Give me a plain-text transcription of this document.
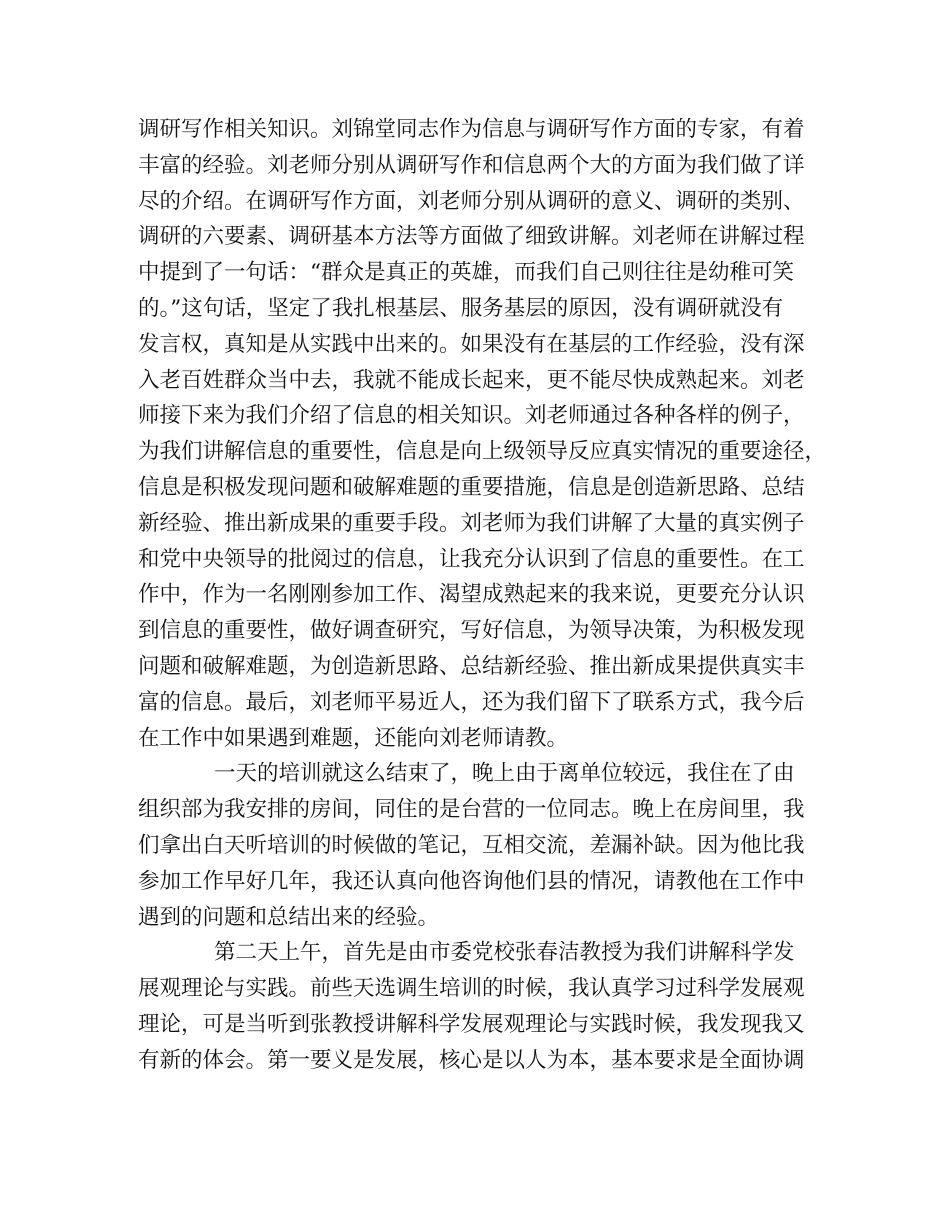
调研写作相关知识。刘锦堂同志作为信息与调研写作方面的专家，有着
丰富的经验。刘老师分别从调研写作和信息两个大的方面为我们做了详
尽的介绍。在调研写作方面，刘老师分别从调研的意义、调研的类别、
调研的六要素、调研基本方法等方面做了细致讲解。刘老师在讲解过程
中提到了一句话：“群众是真正的英雄，而我们自己则往往是幼稚可笑
的。”这句话，坚定了我扎根基层、服务基层的原因，没有调研就没有
发言权，真知是从实践中出来的。如果没有在基层的工作经验，没有深
入老百姓群众当中去，我就不能成长起来，更不能尽快成熟起来。刘老
师接下来为我们介绍了信息的相关知识。刘老师通过各种各样的例子，
为我们讲解信息的重要性，信息是向上级领导反应真实情况的重要途径，
信息是积极发现问题和破解难题的重要措施，信息是创造新思路、总结
新经验、推出新成果的重要手段。刘老师为我们讲解了大量的真实例子
和党中央领导的批阅过的信息，让我充分认识到了信息的重要性。在工
作中，作为一名刚刚参加工作、渴望成熟起来的我来说，更要充分认识
到信息的重要性，做好调查研究，写好信息，为领导决策，为积极发现
问题和破解难题，为创造新思路、总结新经验、推出新成果提供真实丰
富的信息。最后，刘老师平易近人，还为我们留下了联系方式，我今后
在工作中如果遇到难题，还能向刘老师请教。
一天的培训就这么结束了，晚上由于离单位较远，我住在了由
组织部为我安排的房间，同住的是台营的一位同志。晚上在房间里，我
们拿出白天听培训的时候做的笔记，互相交流，差漏补缺。因为他比我
参加工作早好几年，我还认真向他咨询他们县的情况，请教他在工作中
遇到的问题和总结出来的经验。
第二天上午，首先是由市委党校张春洁教授为我们讲解科学发
展观理论与实践。前些天选调生培训的时候，我认真学习过科学发展观
理论，可是当听到张教授讲解科学发展观理论与实践时候，我发现我又
有新的体会。第一要义是发展，核心是以人为本，基本要求是全面协调
